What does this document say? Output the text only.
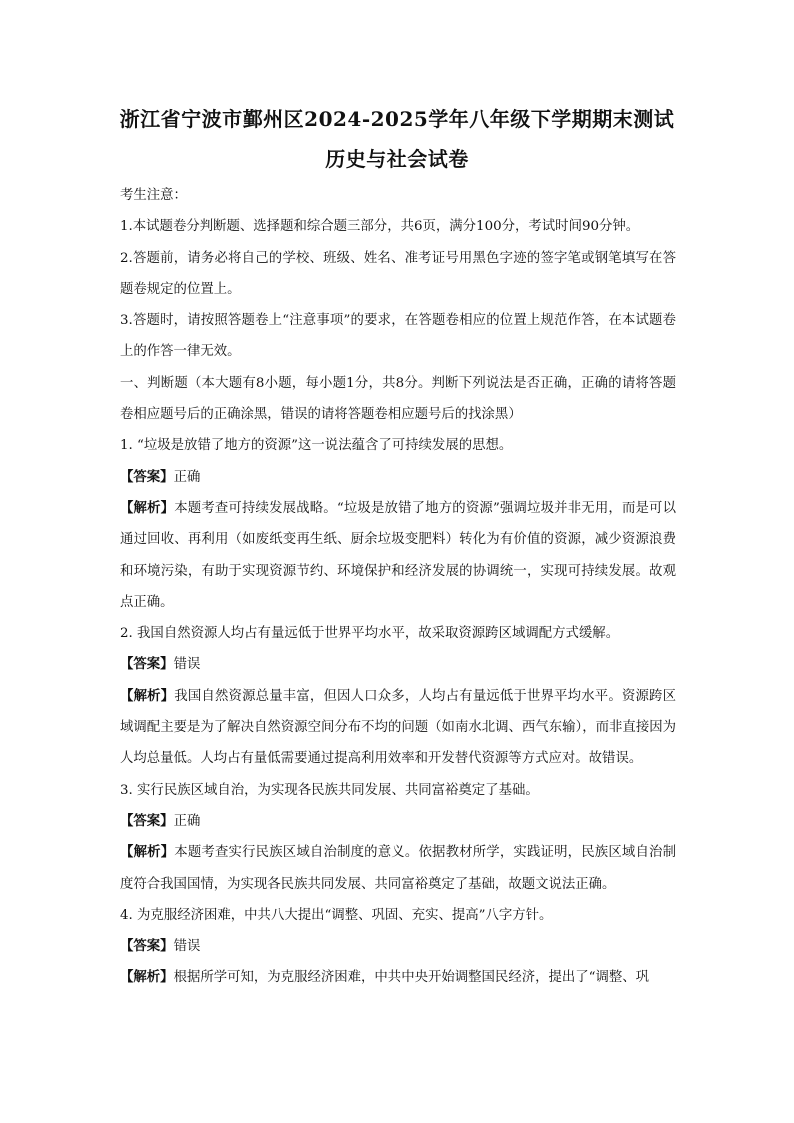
浙江省宁波市鄞州区2024-2025学年八年级下学期期末测试
历史与社会试卷

考生注意：

1.本试题卷分判断题、选择题和综合题三部分，共6页，满分100分，考试时间90分钟。

2.答题前，请务必将自己的学校、班级、姓名、准考证号用黑色字迹的签字笔或钢笔填写在答题卷规定的位置上。

3.答题时，请按照答题卷上“注意事项”的要求，在答题卷相应的位置上规范作答，在本试题卷上的作答一律无效。

一、判断题（本大题有8小题，每小题1分，共8分。判断下列说法是否正确，正确的请将答题卷相应题号后的正确涂黑，错误的请将答题卷相应题号后的找涂黑）

1. “垃圾是放错了地方的资源”这一说法蕴含了可持续发展的思想。

【答案】正确

【解析】本题考查可持续发展战略。“垃圾是放错了地方的资源”强调垃圾并非无用，而是可以通过回收、再利用（如废纸变再生纸、厨余垃圾变肥料）转化为有价值的资源，减少资源浪费和环境污染，有助于实现资源节约、环境保护和经济发展的协调统一，实现可持续发展。故观点正确。

2. 我国自然资源人均占有量远低于世界平均水平，故采取资源跨区域调配方式缓解。

【答案】错误

【解析】我国自然资源总量丰富，但因人口众多，人均占有量远低于世界平均水平。资源跨区域调配主要是为了解决自然资源空间分布不均的问题（如南水北调、西气东输），而非直接因为人均总量低。人均占有量低需要通过提高利用效率和开发替代资源等方式应对。故错误。

3. 实行民族区域自治，为实现各民族共同发展、共同富裕奠定了基础。

【答案】正确

【解析】本题考查实行民族区域自治制度的意义。依据教材所学，实践证明，民族区域自治制度符合我国国情，为实现各民族共同发展、共同富裕奠定了基础，故题文说法正确。

4. 为克服经济困难，中共八大提出“调整、巩固、充实、提高”八字方针。

【答案】错误

【解析】根据所学可知，为克服经济困难，中共中央开始调整国民经济，提出了“调整、巩
